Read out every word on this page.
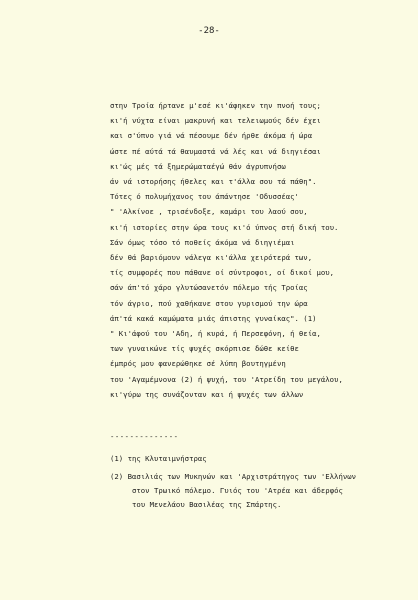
-28-
στην Τροία ήρτανε μ'εσέ κι'άφηκεν την πνοή τους;
κι'ή νύχτα είναι μακρυνή και τελειωμούς δέν έχει
και σ'ύπνο γιά νά πέσουμε δέν ήρθε άκόμα ή ώρα
ώστε πέ αύτά τά θαυμαστά νά λές και νά διηγιέσαι
κι'ώς μές τά ξημερώματαέγώ θάν άγρυπνήσω
άν νά ιστορήσης ήθελες και τ'άλλα σου τά πάθη".
Τότες ό πολυμήχανος του άπάντησε 'Οδυσσέας'
" 'Αλκίνοε , τρισένδοξε, καμάρι του λαού σου,
κι'ή ιστορίες στην ώρα τους κι'ό ύπνος στή δική του.
Σάν όμως τόσο τό ποθείς άκόμα νά διηγιέμαι
δέν θά βαριόμουν νάλεγα κι'άλλα χειρότερά των,
τίς συμφορές που πάθανε οί σύντροφοι, οί δικοί μου,
σάν άπ'τό χάρο γλυτώσανετόν πόλεμο τής Τροίας
τόν άγριο, πού χαθήκανε στου γυρισμού την ώρα
άπ'τά κακά καμώματα μιάς άπιστης γυναίκας". (1)
" Κι'άφού του 'Αδη, ή κυρά, ή Περσεφόνη, ή θεία,
των γυναικώνε τίς ψυχές σκόρπισε δώθε κείθε
έμπρός μου φανερώθηκε σέ λύπη βουτηγμένη
του 'Αγαμέμνονα (2) ή ψυχή, του 'Ατρείδη του μεγάλου,
κι'γύρω της συνάζονταν και ή ψυχές των άλλων
--------------
(1) της Κλυταιμνήστρας
(2) Βασιλιάς των Μυκηνών και 'Αρχιστράτηγος των 'Ελλήνων
στον Τρωικό πόλεμο. Γυιός του 'Ατρέα και άδερφός
του Μενελάου Βασιλέας της Σπάρτης.
